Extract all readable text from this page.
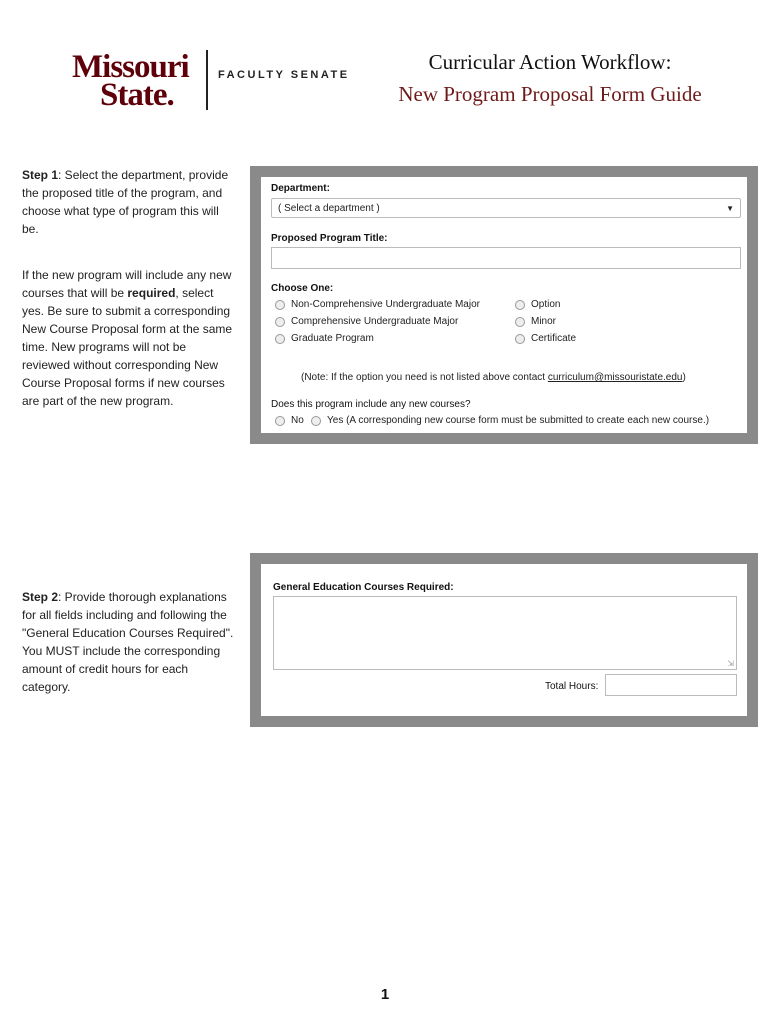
Missouri
State.
FACULTY SENATE
Curricular Action Workflow:
New Program Proposal Form Guide
Step 1: Select the department, provide the proposed title of the program, and choose what type of program this will be.
If the new program will include any new courses that will be required, select yes. Be sure to submit a corresponding New Course Proposal form at the same time. New programs will not be reviewed without corresponding New Course Proposal forms if new courses are part of the new program.
Department:
( Select a department )	▼
Proposed Program Title:
Choose One:
Non-Comprehensive Undergraduate Major
Comprehensive Undergraduate Major
Graduate Program
Option
Minor
Certificate
(Note: If the option you need is not listed above contact curriculum@missouristate.edu)
Does this program include any new courses?
No Yes (A corresponding new course form must be submitted to create each new course.)
Step 2: Provide thorough explanations for all fields including and following the "General Education Courses Required". You MUST include the corresponding amount of credit hours for each category.
General Education Courses Required:
⇲
Total Hours:
1
